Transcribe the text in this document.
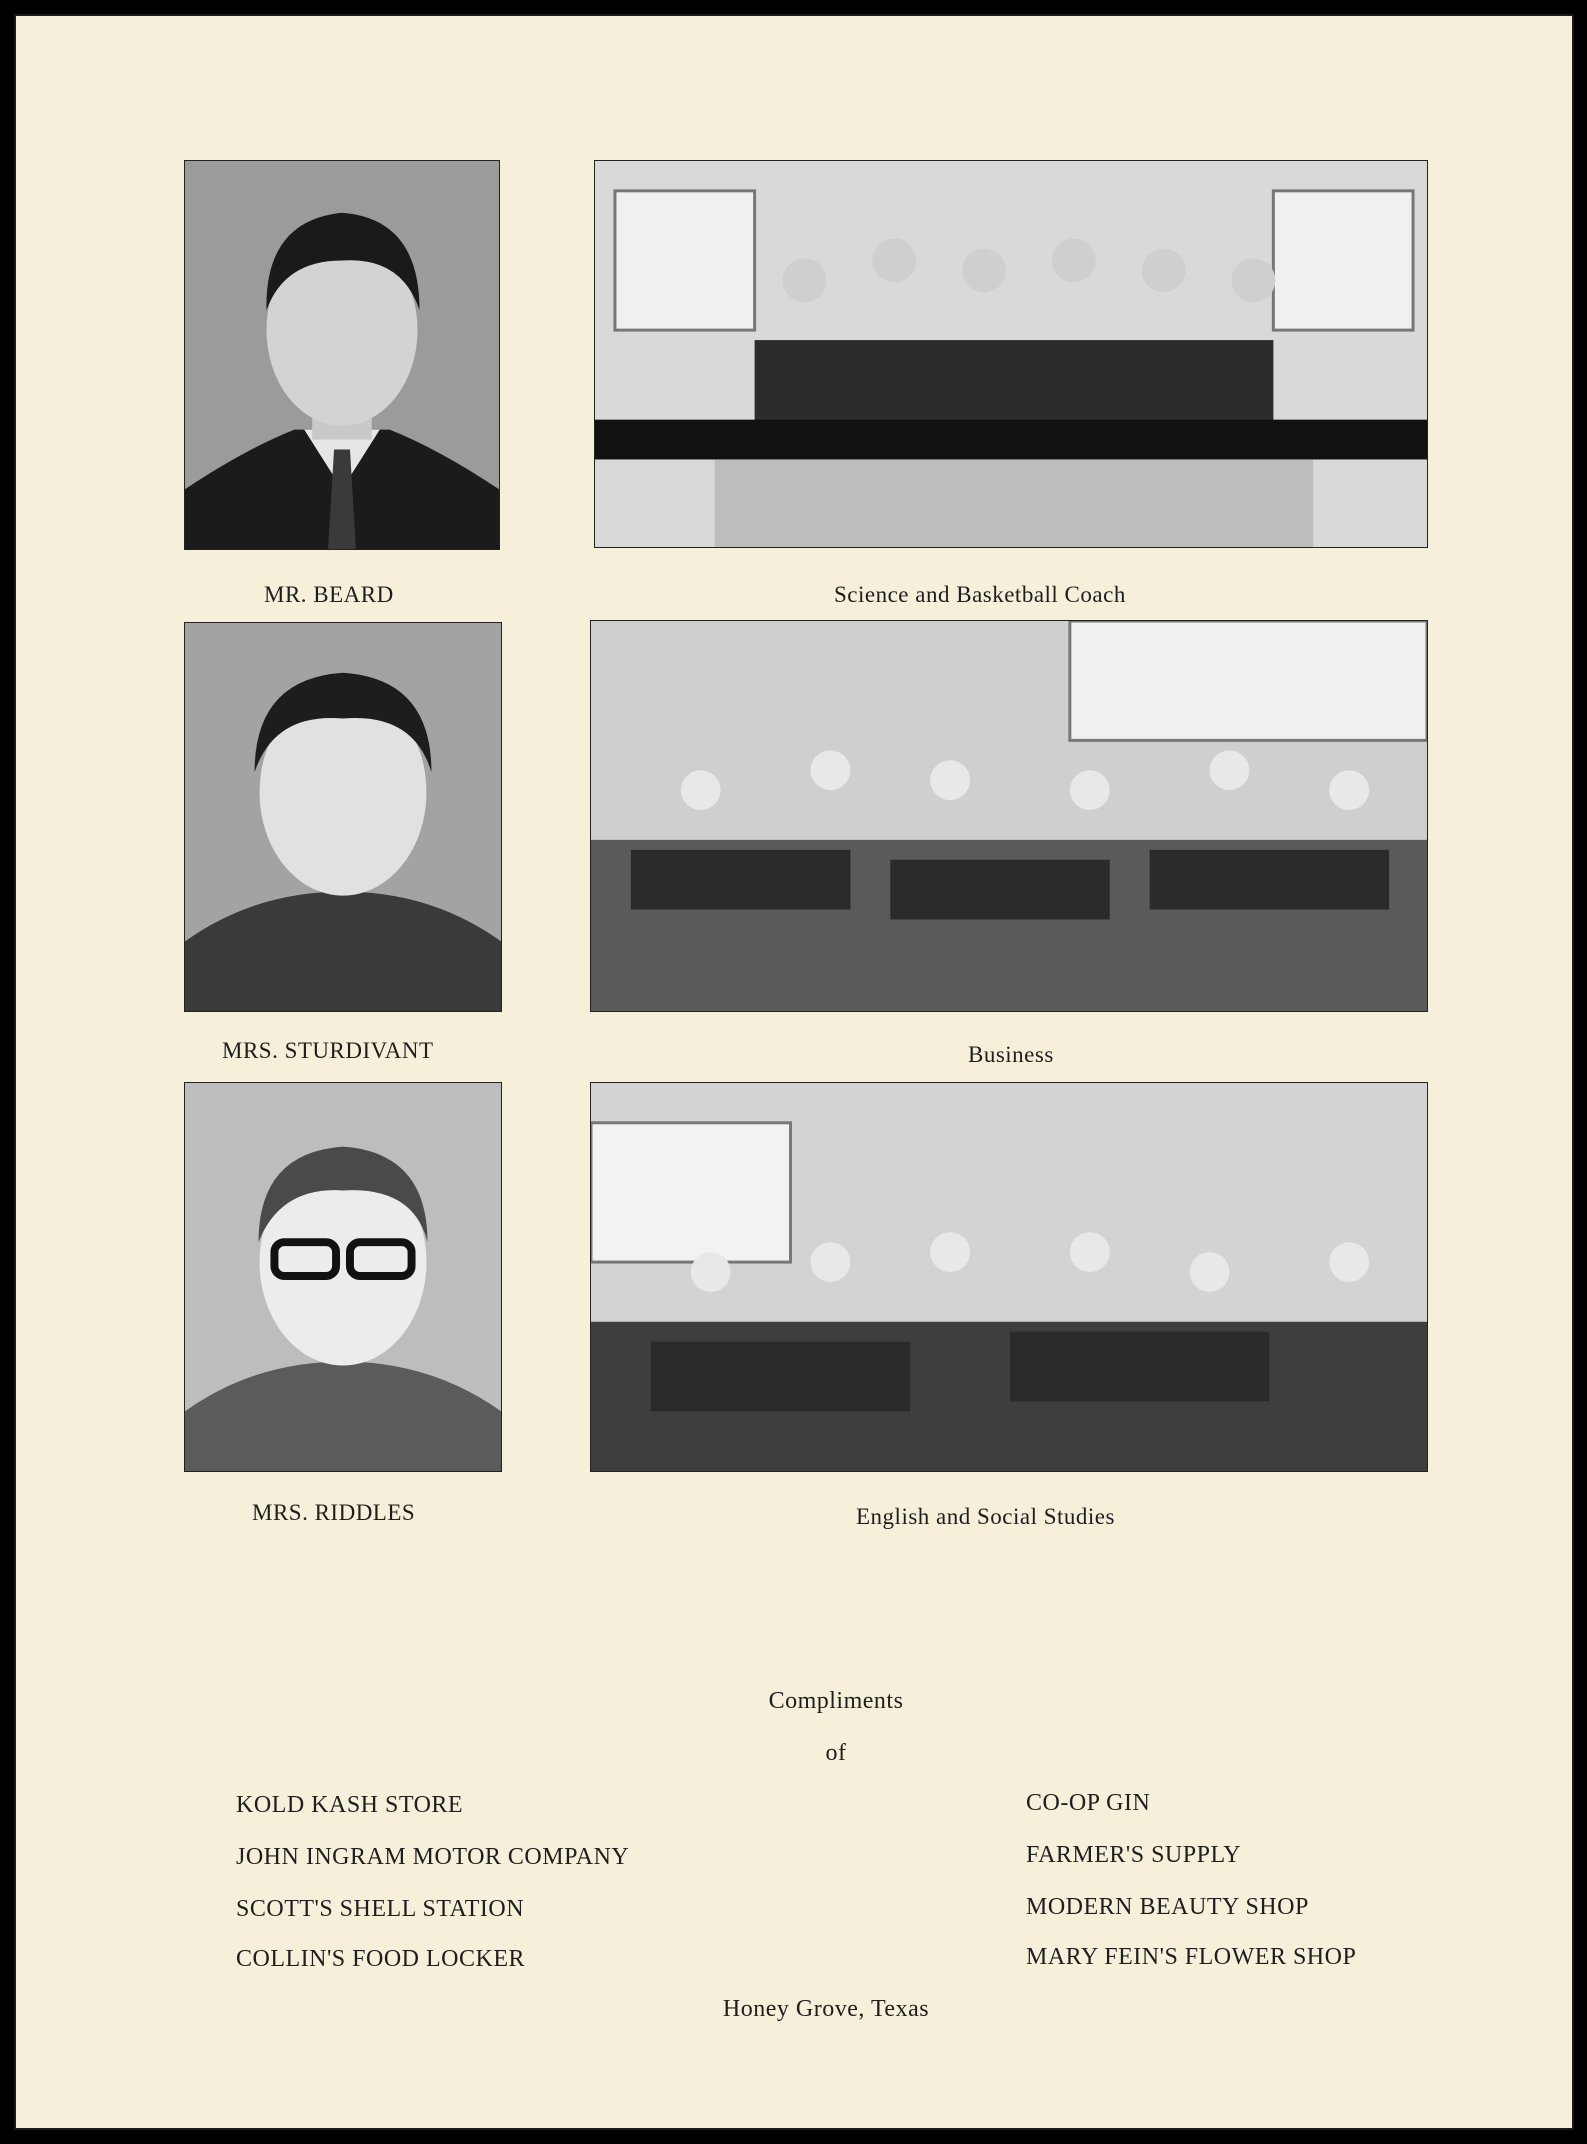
MR. BEARD	Science and Basketball Coach
MRS. STURDIVANT	Business
MRS. RIDDLES	English and Social Studies
Compliments
of
KOLD KASH STORE
JOHN INGRAM MOTOR COMPANY
SCOTT'S SHELL STATION
COLLIN'S FOOD LOCKER
CO-OP GIN
FARMER'S SUPPLY
MODERN BEAUTY SHOP
MARY FEIN'S FLOWER SHOP
Honey Grove, Texas
